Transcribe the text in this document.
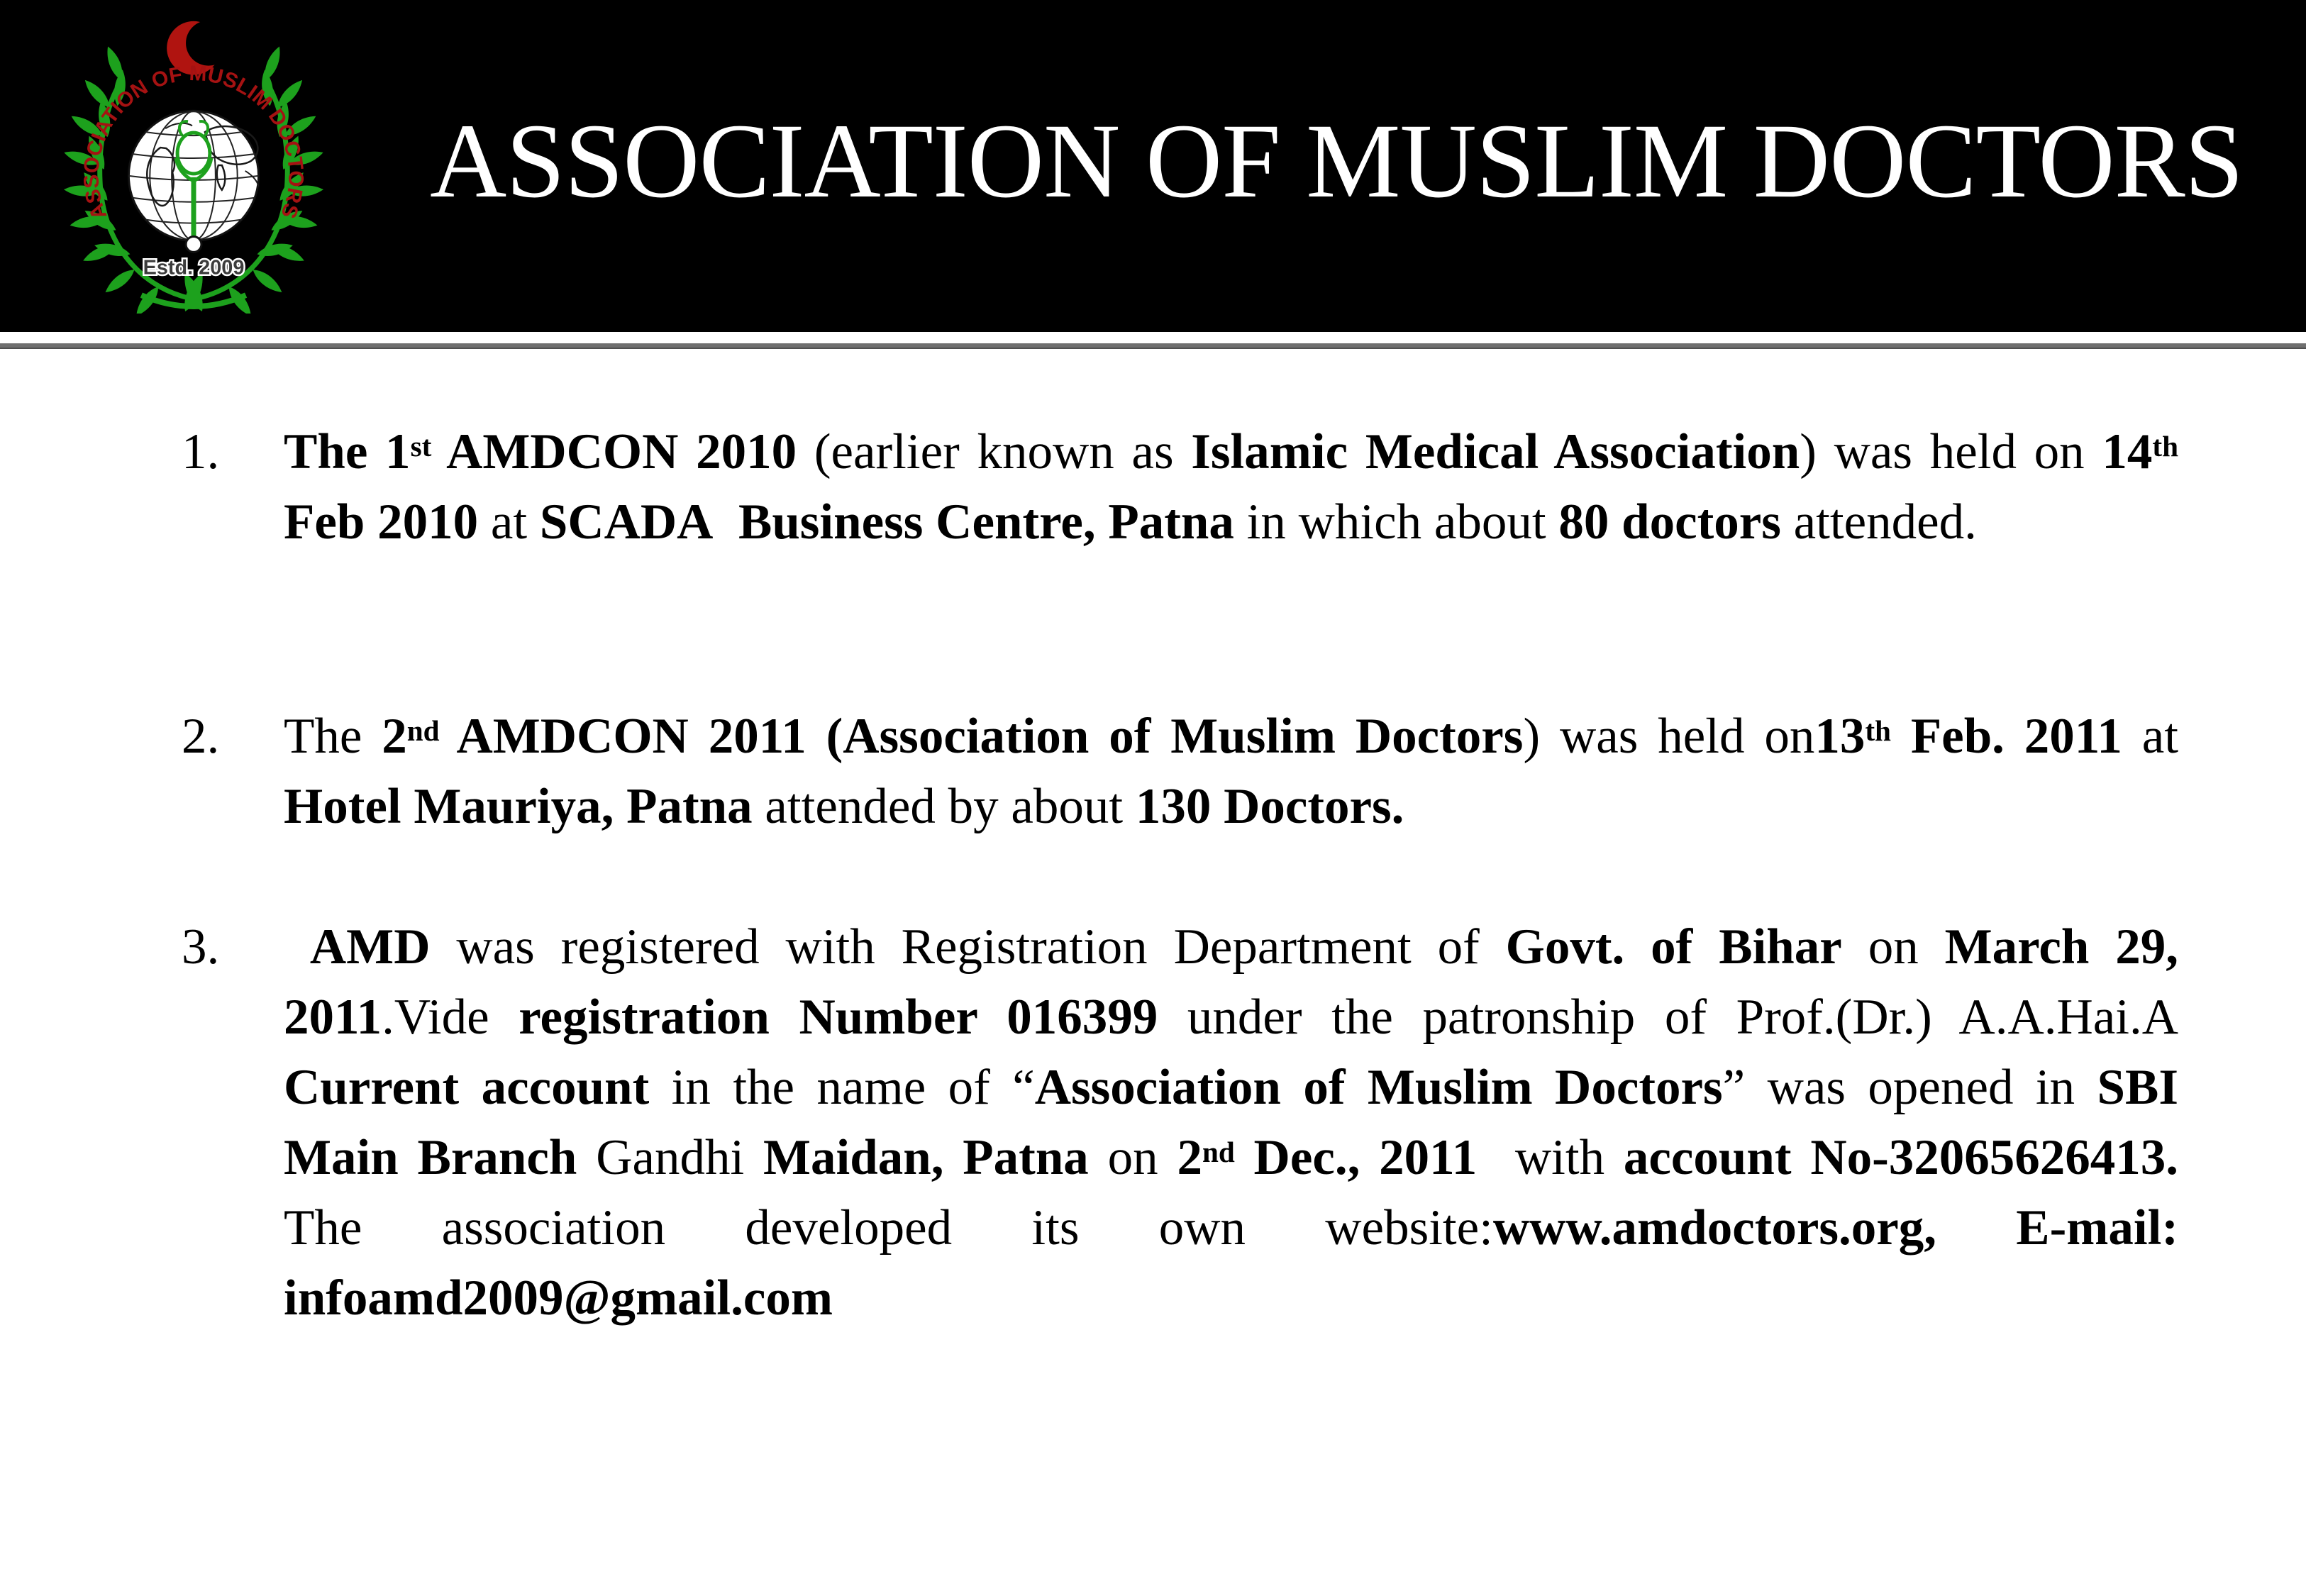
ASSOCIATION OF MUSLIM DOCTORS
Estd. 2009
ASSOCIATION OF MUSLIM DOCTORS
1. The 1st AMDCON 2010 (earlier known as Islamic Medical Association) was held on 14th Feb 2010 at SCADA  Business Centre, Patna in which about 80 doctors attended.
2. The 2nd AMDCON 2011 (Association of Muslim Doctors) was held on13th Feb. 2011 at Hotel Mauriya, Patna attended by about 130 Doctors.
3.	AMD was registered with Registration Department of Govt. of Bihar on March 29, 2011.Vide registration Number 016399 under the patronship of Prof.(Dr.) A.A.Hai.A Current account in the name of “Association of Muslim Doctors” was opened in SBI Main Branch Gandhi Maidan, Patna on 2nd Dec., 2011  with account No-32065626413. The association developed its own website:www.amdoctors.org, E-mail: infoamd2009@gmail.com
